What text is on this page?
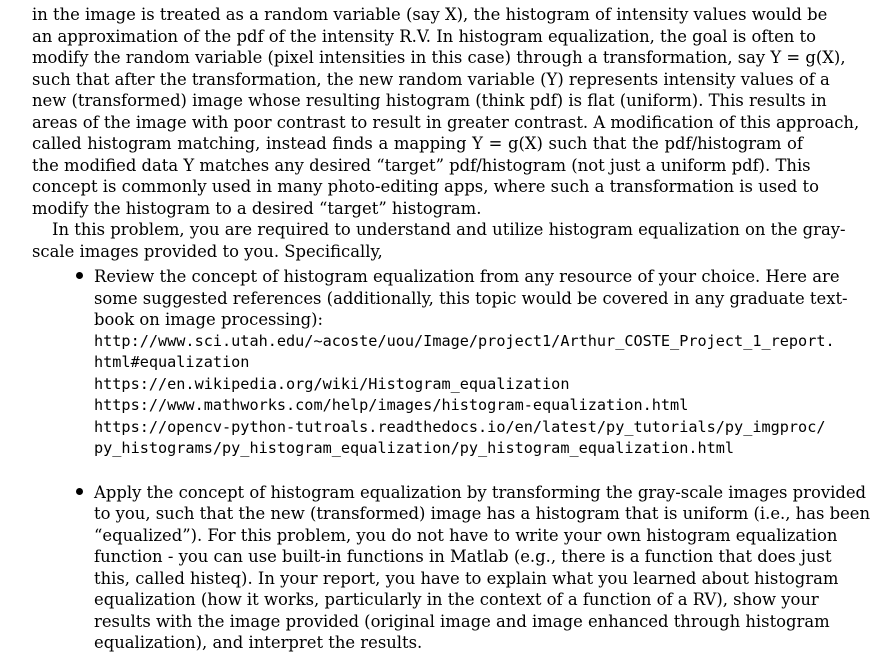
in the image is treated as a random variable (say X), the histogram of intensity values would be
an approximation of the pdf of the intensity R.V. In histogram equalization, the goal is often to
modify the random variable (pixel intensities in this case) through a transformation, say Y = g(X),
such that after the transformation, the new random variable (Y) represents intensity values of a
new (transformed) image whose resulting histogram (think pdf) is flat (uniform). This results in
areas of the image with poor contrast to result in greater contrast. A modification of this approach,
called histogram matching, instead finds a mapping Y = g(X) such that the pdf/histogram of
the modified data Y matches any desired “target” pdf/histogram (not just a uniform pdf). This
concept is commonly used in many photo-editing apps, where such a transformation is used to
modify the histogram to a desired “target” histogram.
In this problem, you are required to understand and utilize histogram equalization on the gray-
scale images provided to you. Specifically,
Review the concept of histogram equalization from any resource of your choice. Here are
some suggested references (additionally, this topic would be covered in any graduate text-
book on image processing):
http://www.sci.utah.edu/~acoste/uou/Image/project1/Arthur_COSTE_Project_1_report.
html#equalization
https://en.wikipedia.org/wiki/Histogram_equalization
https://www.mathworks.com/help/images/histogram-equalization.html
https://opencv-python-tutroals.readthedocs.io/en/latest/py_tutorials/py_imgproc/
py_histograms/py_histogram_equalization/py_histogram_equalization.html
Apply the concept of histogram equalization by transforming the gray-scale images provided
to you, such that the new (transformed) image has a histogram that is uniform (i.e., has been
“equalized”). For this problem, you do not have to write your own histogram equalization
function - you can use built-in functions in Matlab (e.g., there is a function that does just
this, called histeq). In your report, you have to explain what you learned about histogram
equalization (how it works, particularly in the context of a function of a RV), show your
results with the image provided (original image and image enhanced through histogram
equalization), and interpret the results.
